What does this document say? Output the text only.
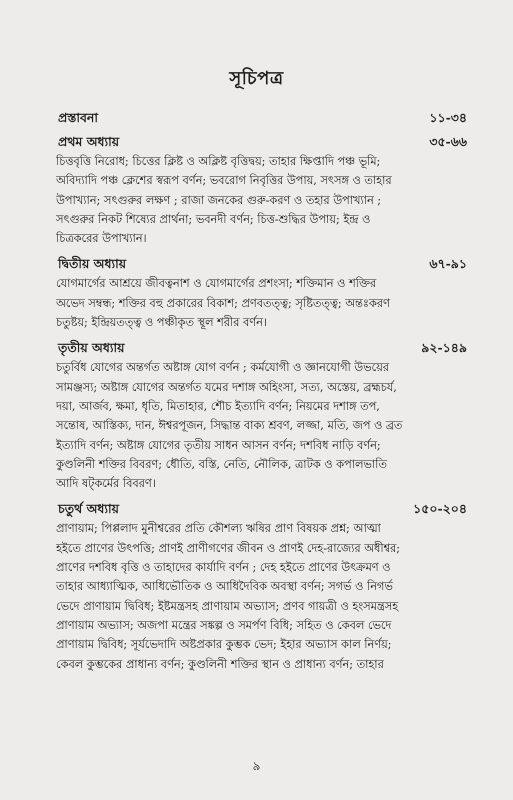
সূচিপত্র
প্রস্তাবনা	১১-৩৪
প্রথম অধ্যায়	৩৫-৬৬
চিত্তবৃত্তি নিরোধ; চিত্তের ক্লিষ্ট ও অক্লিষ্ট বৃত্তিদ্বয়; তাহার ক্ষিপ্তাদি পঞ্চ ভূমি;
অবিদ্যাদি পঞ্চ ক্লেশের স্বরূপ বর্ণন; ভবরোগ নিবৃত্তির উপায়, সৎসঙ্গ ও তাহার
উপাখ্যান; সৎগুরুর লক্ষণ ; রাজা জনকের গুরু-করণ ও তহার উপাখ্যান ;
সৎগুরুর নিকট শিষ্যের প্রার্থনা; ভবনদী বর্ণন; চিত্ত-শুদ্ধির উপায়; ইন্দ্র ও
চিত্রকরের উপাখ্যান।
দ্বিতীয় অধ্যায়	৬৭-৯১
যোগমার্গের আশ্রয়ে জীবত্বনাশ ও যোগমার্গের প্রশংসা; শক্তিমান ও শক্তির
অভেদ সম্বন্ধ; শক্তির বহু প্রকারের বিকাশ; প্রণবতত্ত্ব; সৃষ্টিতত্ত্ব; অন্তঃকরণ
চতুষ্টয়; ইন্দ্রিয়তত্ত্ব ও পঞ্চীকৃত স্থূল শরীর বর্ণন।
তৃতীয় অধ্যায়	৯২-১৪৯
চতুর্বিধ যোগের অন্তর্গত অষ্টাঙ্গ যোগ বর্ণন ; কর্মযোগী ও জ্ঞানযোগী উভয়ের
সামঞ্জস্য; অষ্টাঙ্গ যোগের অন্তর্গত যমের দশাঙ্গ অহিংসা, সত্য, অস্তেয়, ব্রহ্মচর্য,
দয়া, আর্জব, ক্ষমা, ধৃতি, মিতাহার, শৌচ ইত্যাদি বর্ণন; নিয়মের দশাঙ্গ তপ,
সন্তোষ, আস্তিক্য, দান, ঈশ্বরপূজন, সিদ্ধান্ত বাক্য শ্রবণ, লজ্জা, মতি, জপ ও ব্রত
ইত্যাদি বর্ণন; অষ্টাঙ্গ যোগের তৃতীয় সাধন আসন বর্ণন; দশবিধ নাড়ি বর্ণন;
কুণ্ডলিনী শক্তির বিবরণ; ধৌতি, বস্তি, নেতি, নৌলিক, ত্রাটক ও কপালভাতি
আদি ষট্‌কর্মের বিবরণ।
চতুর্থ অধ্যায়	১৫০-২০৪
প্রাণায়াম; পিপ্পলাদ মুনীশ্বরের প্রতি কৌশল্য ঋষির প্রাণ বিষয়ক প্রশ্ন; আত্মা
হইতে প্রাণের উৎপত্তি; প্রাণই প্রাণীগণের জীবন ও প্রাণই দেহ-রাজ্যের অধীশ্বর;
প্রাণের দশবিধ বৃত্তি ও তাহাদের কার্যাদি বর্ণন ; দেহ হইতে প্রাণের উৎক্রমণ ও
তাহার আধ্যাত্মিক, আধিভৌতিক ও আধিদৈবিক অবস্থা বর্ণন; সগর্ভ ও নিগর্ভ
ভেদে প্রাণায়াম দ্বিবিধ; ইষ্টমন্ত্রসহ প্রাণায়াম অভ্যাস; প্রণব গায়ত্রী ও হংসমন্ত্রসহ
প্রাণায়াম অভ্যাস; অজপা মন্ত্রের সঙ্কল্প ও সমর্পণ বিধি; সহিত ও কেবল ভেদে
প্রাণায়াম দ্বিবিধ; সূর্যভেদাদি অষ্টপ্রকার কুম্ভক ভেদ; ইহার অভ্যাস কাল নির্ণয়;
কেবল কুম্ভকের প্রাধান্য বর্ণন; কুণ্ডলিনী শক্তির স্থান ও প্রাধান্য বর্ণন; তাহার
৯
